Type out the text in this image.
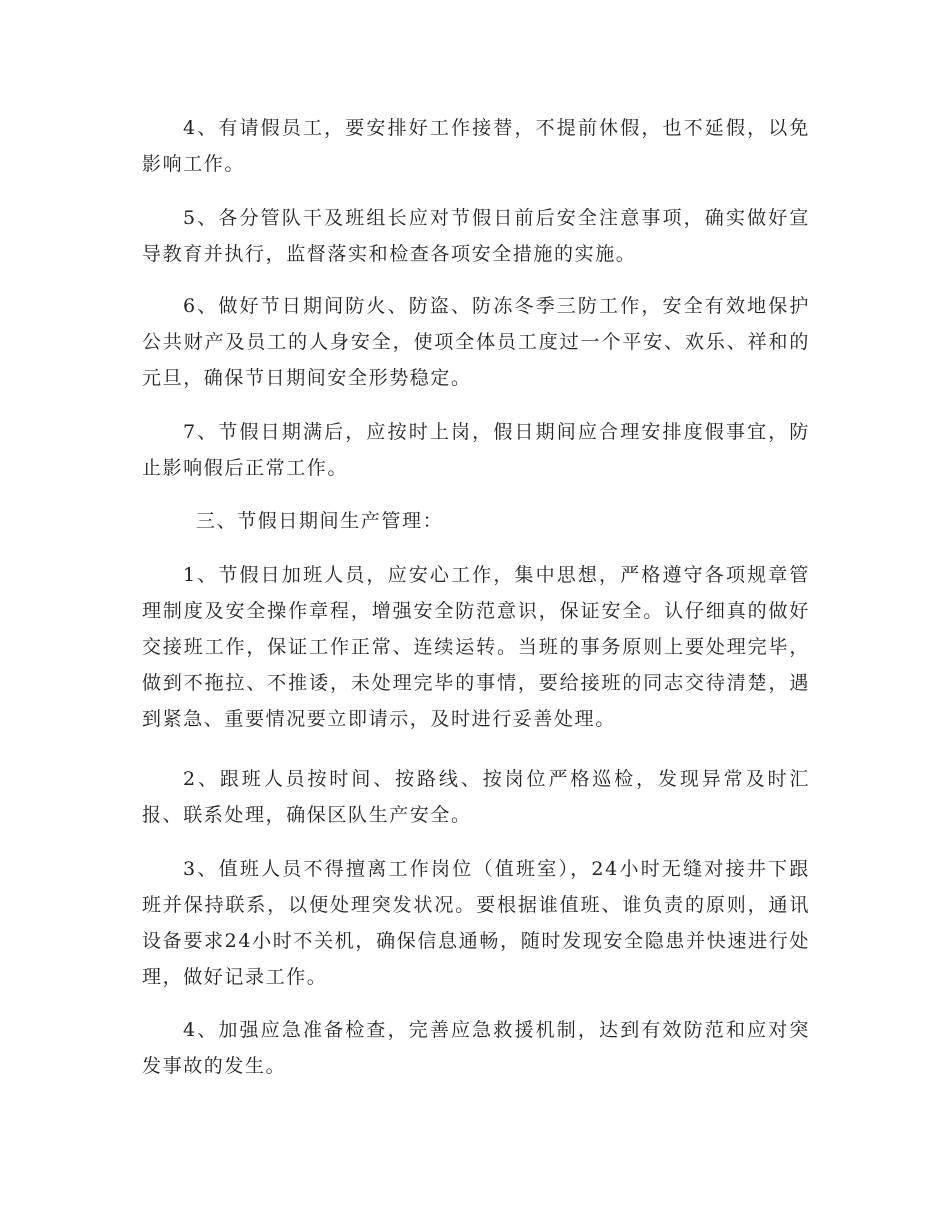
4、有请假员工，要安排好工作接替，不提前休假，也不延假，以免影响工作。

5、各分管队干及班组长应对节假日前后安全注意事项，确实做好宣导教育并执行，监督落实和检查各项安全措施的实施。

6、做好节日期间防火、防盗、防冻冬季三防工作，安全有效地保护公共财产及员工的人身安全，使项全体员工度过一个平安、欢乐、祥和的元旦，确保节日期间安全形势稳定。

7、节假日期满后，应按时上岗，假日期间应合理安排度假事宜，防止影响假后正常工作。

三、节假日期间生产管理：

1、节假日加班人员，应安心工作，集中思想，严格遵守各项规章管理制度及安全操作章程，增强安全防范意识，保证安全。认仔细真的做好交接班工作，保证工作正常、连续运转。当班的事务原则上要处理完毕，做到不拖拉、不推诿，未处理完毕的事情，要给接班的同志交待清楚，遇到紧急、重要情况要立即请示，及时进行妥善处理。

2、跟班人员按时间、按路线、按岗位严格巡检，发现异常及时汇报、联系处理，确保区队生产安全。

3、值班人员不得擅离工作岗位（值班室），24小时无缝对接井下跟班并保持联系，以便处理突发状况。要根据谁值班、谁负责的原则，通讯设备要求24小时不关机，确保信息通畅，随时发现安全隐患并快速进行处理，做好记录工作。

4、加强应急准备检查，完善应急救援机制，达到有效防范和应对突发事故的发生。
